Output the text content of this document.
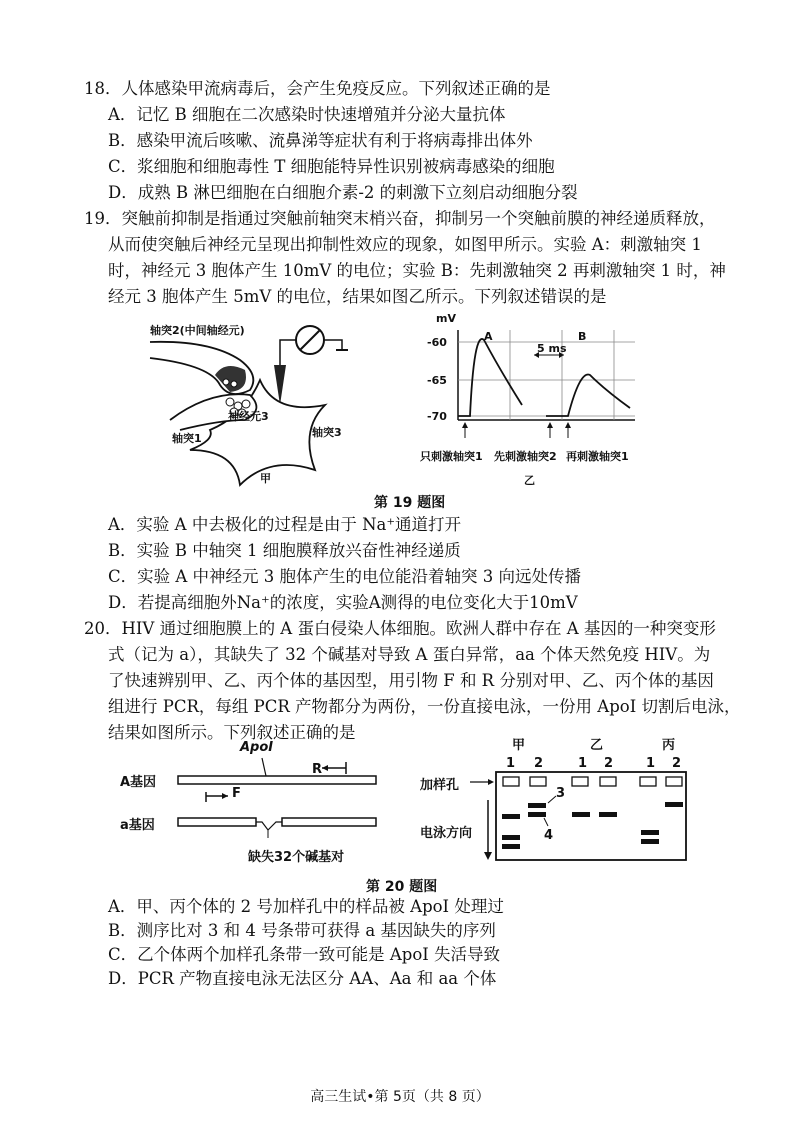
18．人体感染甲流病毒后，会产生免疫反应。下列叙述正确的是
A．记忆 B 细胞在二次感染时快速增殖并分泌大量抗体
B．感染甲流后咳嗽、流鼻涕等症状有利于将病毒排出体外
C．浆细胞和细胞毒性 T 细胞能特异性识别被病毒感染的细胞
D．成熟 B 淋巴细胞在白细胞介素-2 的刺激下立刻启动细胞分裂
19．突触前抑制是指通过突触前轴突末梢兴奋，抑制另一个突触前膜的神经递质释放，
从而使突触后神经元呈现出抑制性效应的现象，如图甲所示。实验 A：刺激轴突 1
时，神经元 3 胞体产生 10mV 的电位；实验 B：先刺激轴突 2 再刺激轴突 1 时，神
经元 3 胞体产生 5mV 的电位，结果如图乙所示。下列叙述错误的是
轴突2(中间轴经元)
神经元3
轴突1	轴突3
甲
mV
-60
-65
-70
A	B
5 ms
只刺激轴突1 先刺激轴突2 再刺激轴突1
乙
第 19 题图
A．实验 A 中去极化的过程是由于 Na⁺通道打开
B．实验 B 中轴突 1 细胞膜释放兴奋性神经递质
C．实验 A 中神经元 3 胞体产生的电位能沿着轴突 3 向远处传播
D．若提高细胞外Na⁺的浓度，实验A测得的电位变化大于10mV
20．HIV 通过细胞膜上的 A 蛋白侵染人体细胞。欧洲人群中存在 A 基因的一种突变形
式（记为 a），其缺失了 32 个碱基对导致 A 蛋白异常，aa 个体天然免疫 HIV。为
了快速辨别甲、乙、丙个体的基因型，用引物 F 和 R 分别对甲、乙、丙个体的基因
组进行 PCR，每组 PCR 产物都分为两份，一份直接电泳，一份用 ApoI 切割后电泳，
结果如图所示。下列叙述正确的是
ApoI
A基因
a基因
R
F
缺失32个碱基对
甲	乙	丙
1 2	1 2	1 2
加样孔
电泳方向
3
4
第 20 题图
A．甲、丙个体的 2 号加样孔中的样品被 ApoI 处理过
B．测序比对 3 和 4 号条带可获得 a 基因缺失的序列
C．乙个体两个加样孔条带一致可能是 ApoI 失活导致
D．PCR 产物直接电泳无法区分 AA、Aa 和 aa 个体
高三生试•第 5页（共 8 页）
